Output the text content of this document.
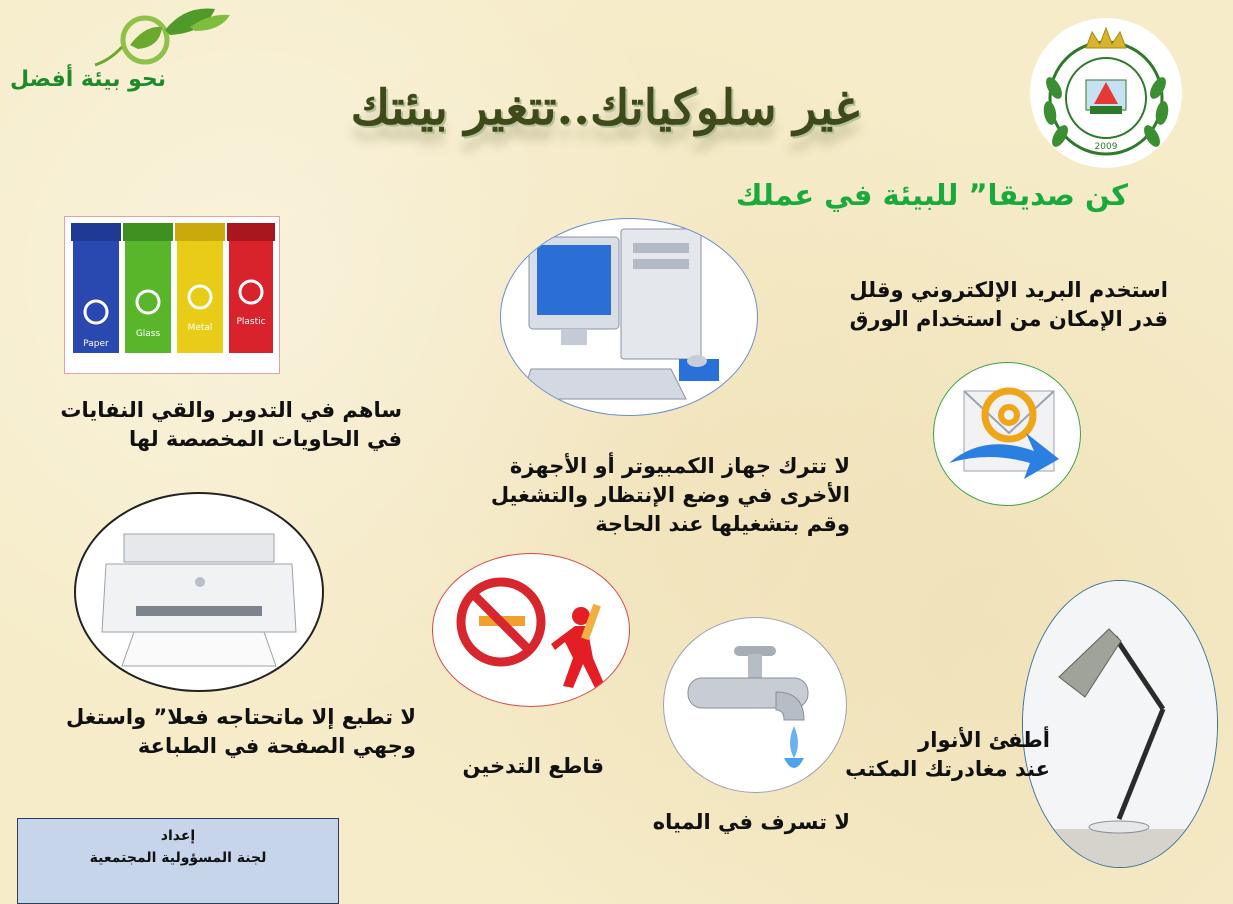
نحو بيئة أفضل
2009
غير سلوكياتك..تتغير بيئتك
كن صديقا” للبيئة في عملك
Paper
Glass
Metal
Plastic
استخدم البريد الإلكتروني وقلل
قدر الإمكان من استخدام الورق
ساهم في التدوير والقي النفايات
في الحاويات المخصصة لها
لا تترك جهاز الكمبيوتر أو الأجهزة
الأخرى في وضع الإنتظار والتشغيل
وقم بتشغيلها عند الحاجة
لا تطبع إلا ماتحتاجه فعلا” واستغل
وجهي الصفحة في الطباعة
قاطع التدخين
أطفئ الأنوار
عند مغادرتك المكتب
لا تسرف في المياه
إعداد
لجنة المسؤولية المجتمعية
